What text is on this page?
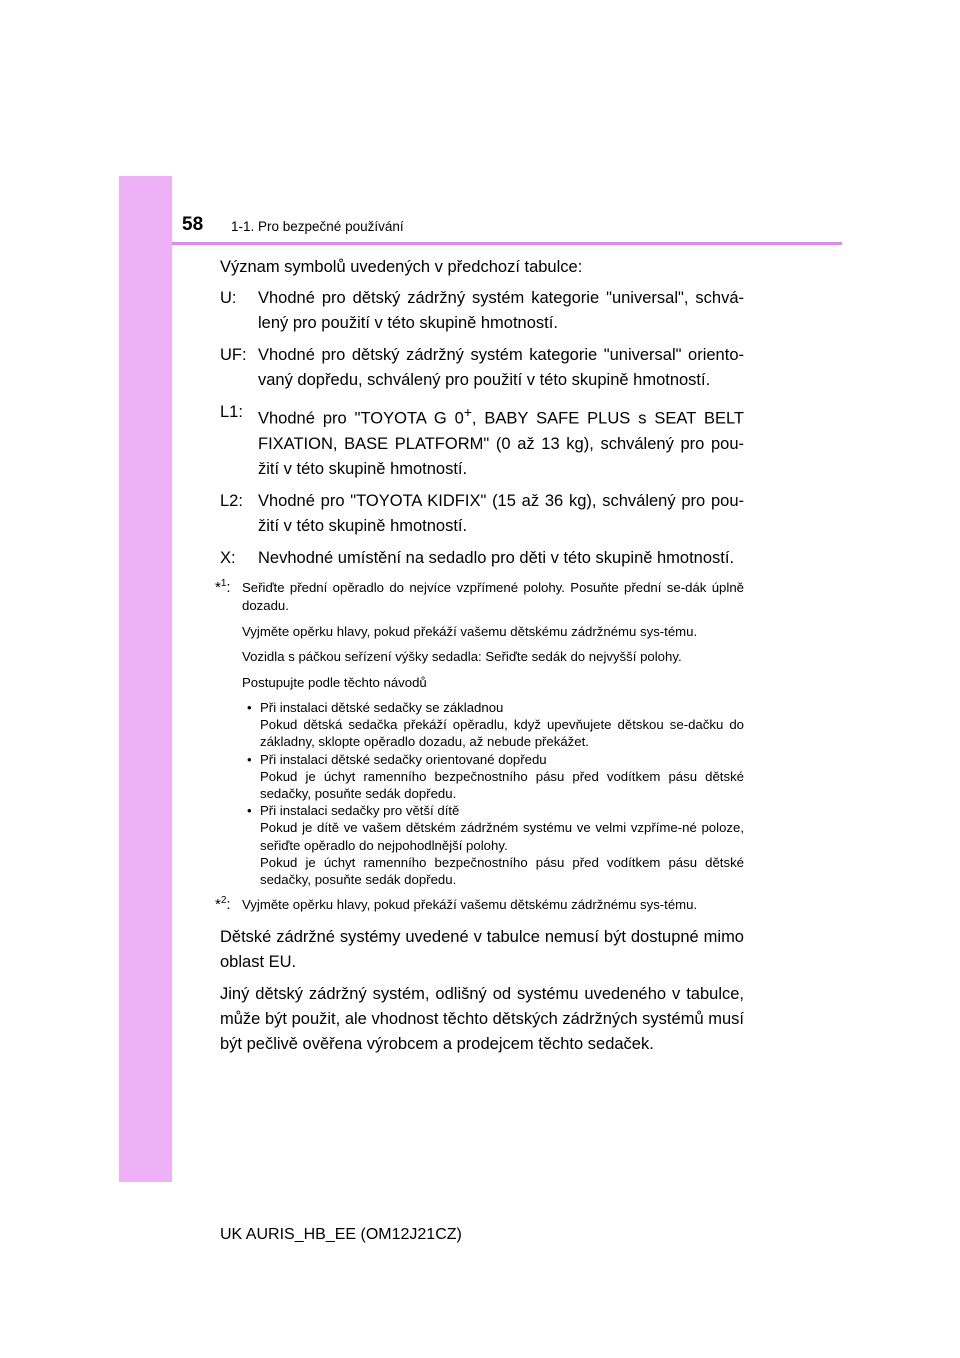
58 1-1. Pro bezpečné používání

Význam symbolů uvedených v předchozí tabulce:

U:	Vhodné pro dětský zádržný systém kategorie "universal", schvá-lený pro použití v této skupině hmotností.
UF: Vhodné pro dětský zádržný systém kategorie "universal" oriento-vaný dopředu, schválený pro použití v této skupině hmotností.
L1: Vhodné pro "TOYOTA G 0+, BABY SAFE PLUS s SEAT BELT FIXATION, BASE PLATFORM" (0 až 13 kg), schválený pro pou-žití v této skupině hmotností.
L2: Vhodné pro "TOYOTA KIDFIX" (15 až 36 kg), schválený pro pou-žití v této skupině hmotností.
X:	Nevhodné umístění na sedadlo pro děti v této skupině hmotností.
*$^1$: Seřiďte přední opěradlo do nejvíce vzpřímené polohy. Posuňte přední se-dák úplně dozadu.

Vyjměte opěrku hlavy, pokud překáží vašemu dětskému zádržnému sys-tému.

Vozidla s páčkou seřízení výšky sedadla: Seřiďte sedák do nejvyšší polohy.

Postupujte podle těchto návodů

• Při instalaci dětské sedačky se základnou
Pokud dětská sedačka překáží opěradlu, když upevňujete dětskou se-dačku do základny, sklopte opěradlo dozadu, až nebude překážet.
• Při instalaci dětské sedačky orientované dopředu
Pokud je úchyt ramenního bezpečnostního pásu před vodítkem pásu dětské sedačky, posuňte sedák dopředu.
• Při instalaci sedačky pro větší dítě
Pokud je dítě ve vašem dětském zádržném systému ve velmi vzpříme-né poloze, seřiďte opěradlo do nejpohodlnější polohy.
Pokud je úchyt ramenního bezpečnostního pásu před vodítkem pásu dětské sedačky, posuňte sedák dopředu.
*$^2$: Vyjměte opěrku hlavy, pokud překáží vašemu dětskému zádržnému sys-tému.

Dětské zádržné systémy uvedené v tabulce nemusí být dostupné mimo oblast EU.

Jiný dětský zádržný systém, odlišný od systému uvedeného v tabulce, může být použit, ale vhodnost těchto dětských zádržných systémů musí být pečlivě ověřena výrobcem a prodejcem těchto sedaček.

UK AURIS_HB_EE (OM12J21CZ)
